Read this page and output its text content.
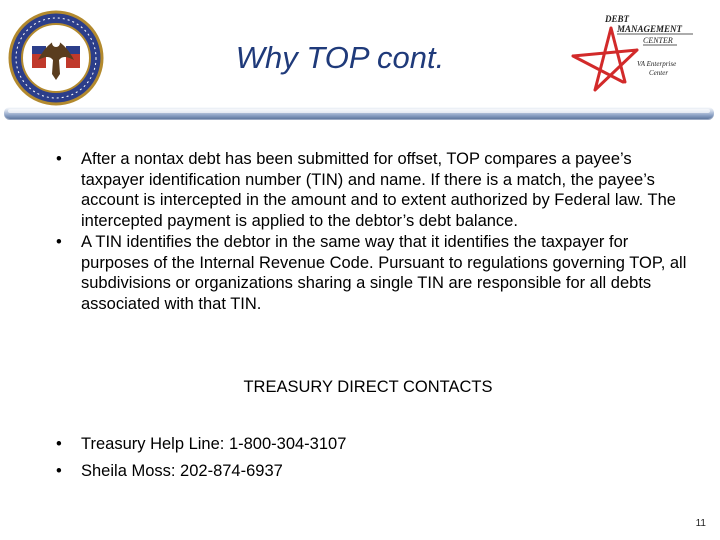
Why TOP cont.
DEBT
MANAGEMENT
CENTER
VA Enterprise
Center
• After a nontax debt has been submitted for offset, TOP compares a payee’s taxpayer identification number (TIN) and name. If there is a match, the payee’s account is intercepted in the amount and to extent authorized by Federal law. The intercepted payment is applied to the debtor’s debt balance.
• A TIN identifies the debtor in the same way that it identifies the taxpayer for purposes of the Internal Revenue Code. Pursuant to regulations governing TOP, all subdivisions or organizations sharing a single TIN are responsible for all debts associated with that TIN.
TREASURY DIRECT CONTACTS
• Treasury Help Line: 1-800-304-3107
• Sheila Moss: 202-874-6937
11
